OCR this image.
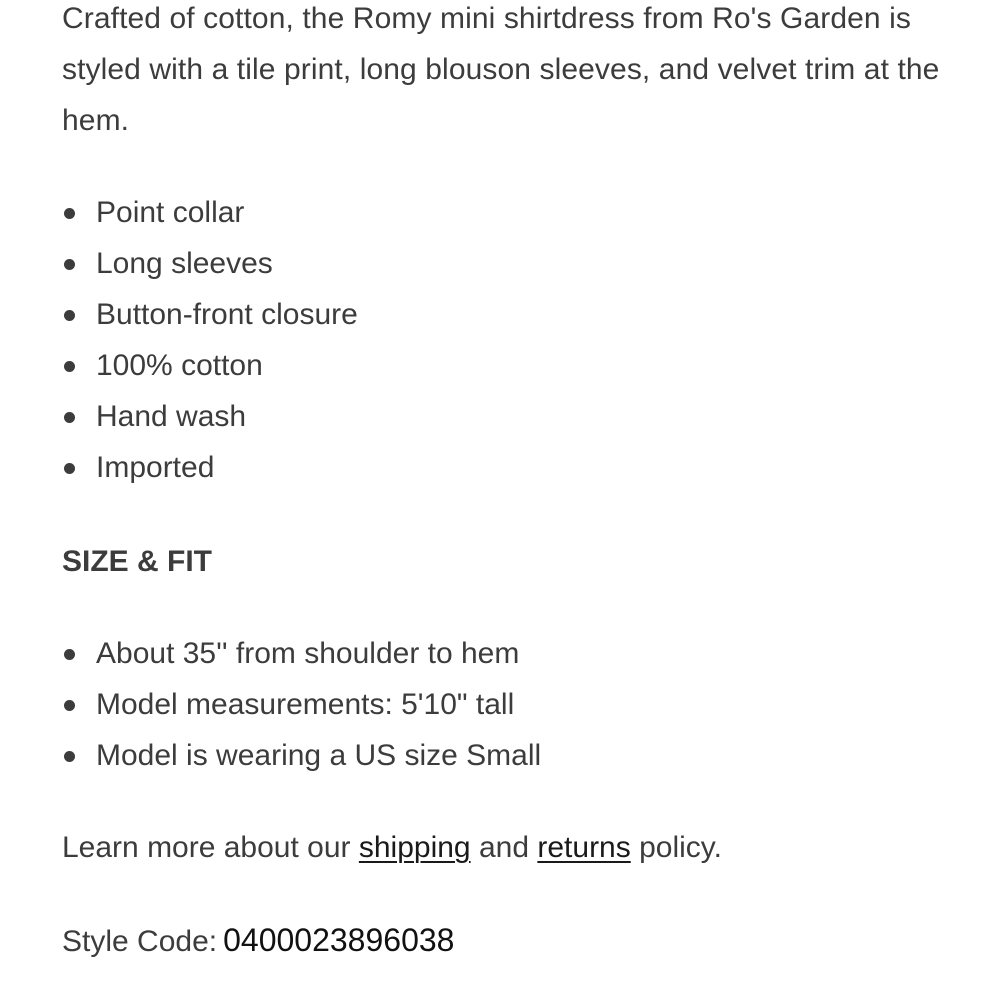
Crafted of cotton, the Romy mini shirtdress from Ro's Garden is styled with a tile print, long blouson sleeves, and velvet trim at the hem.

Point collar
Long sleeves
Button-front closure
100% cotton
Hand wash
Imported
SIZE & FIT
About 35'' from shoulder to hem
Model measurements: 5'10" tall
Model is wearing a US size Small

Learn more about our shipping and returns policy.

Style Code: 0400023896038
